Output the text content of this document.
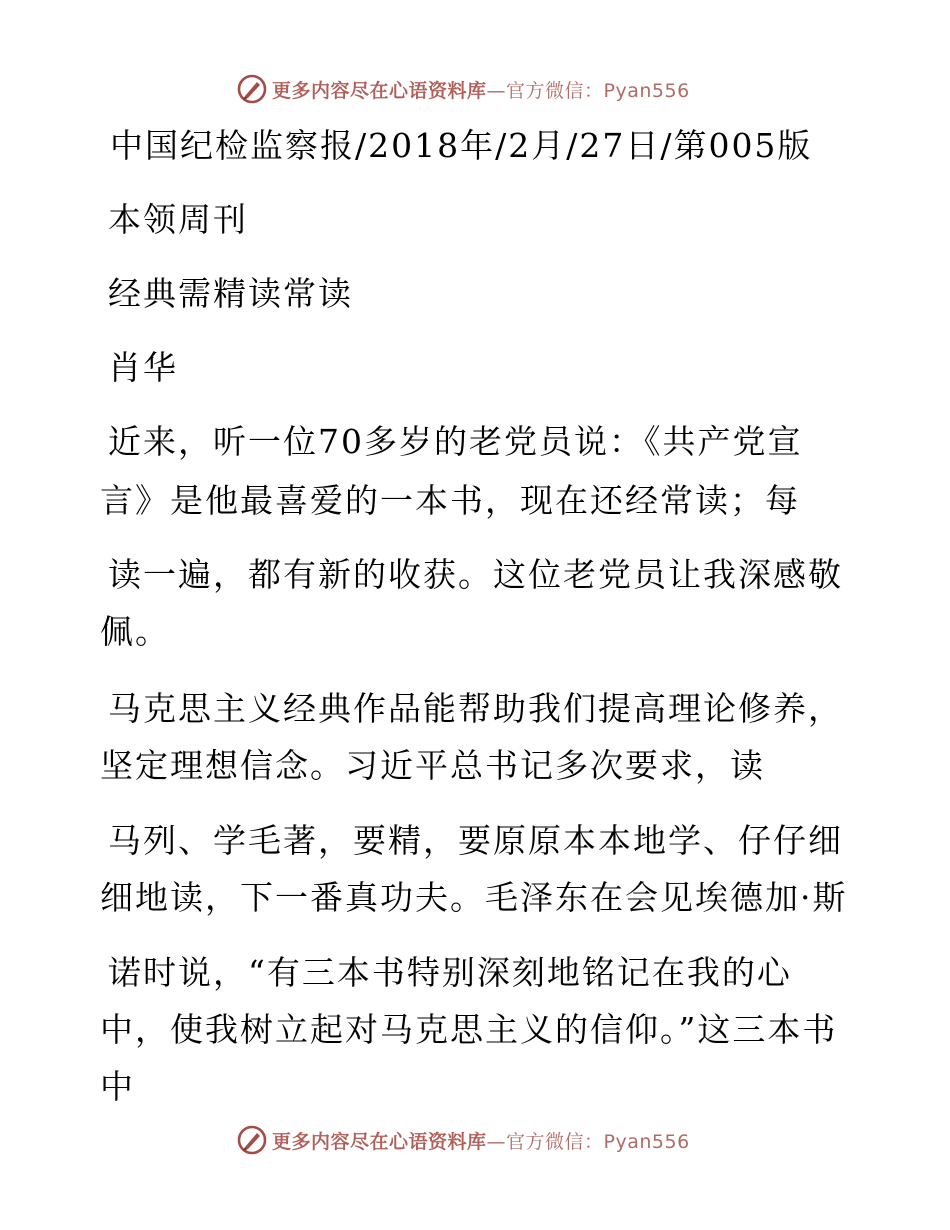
更多内容尽在心语资料库—官方微信：Pyan556
中国纪检监察报/2018年/2月/27日/第005版
本领周刊
经典需精读常读
肖华
近来，听一位70多岁的老党员说：《共产党宣
言》是他最喜爱的一本书，现在还经常读；每
读一遍，都有新的收获。这位老党员让我深感敬
佩。
马克思主义经典作品能帮助我们提高理论修养，
坚定理想信念。习近平总书记多次要求，读
马列、学毛著，要精，要原原本本地学、仔仔细
细地读，下一番真功夫。毛泽东在会见埃德加·斯
诺时说，“有三本书特别深刻地铭记在我的心
中，使我树立起对马克思主义的信仰。”这三本书
中
更多内容尽在心语资料库—官方微信：Pyan556
